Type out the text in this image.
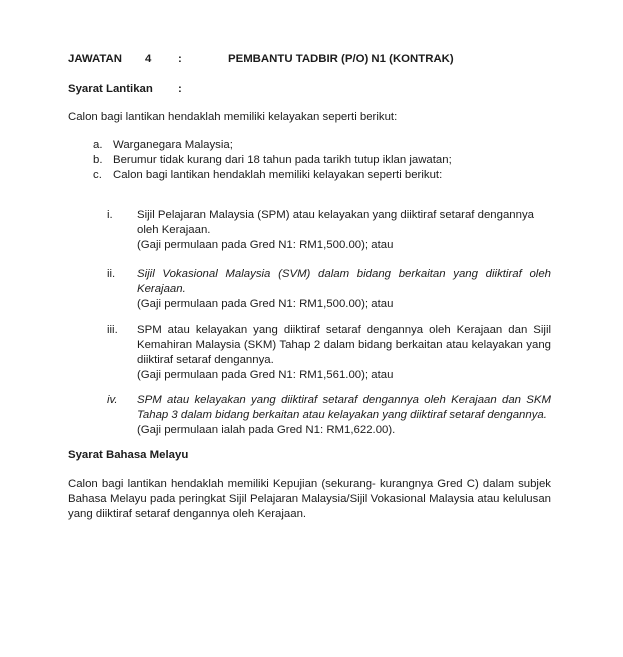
JAWATAN 4 :	PEMBANTU TADBIR (P/O) N1 (KONTRAK)
Syarat Lantikan :

Calon bagi lantikan hendaklah memiliki kelayakan seperti berikut:

a. Warganegara Malaysia;
b. Berumur tidak kurang dari 18 tahun pada tarikh tutup iklan jawatan;
c. Calon bagi lantikan hendaklah memiliki kelayakan seperti berikut:
i.	Sijil Pelajaran Malaysia (SPM) atau kelayakan yang diiktiraf setaraf dengannya oleh Kerajaan.
(Gaji permulaan pada Gred N1: RM1,500.00); atau
ii.	Sijil Vokasional Malaysia (SVM) dalam bidang berkaitan yang diiktiraf oleh Kerajaan.
(Gaji permulaan pada Gred N1: RM1,500.00); atau
iii.	SPM atau kelayakan yang diiktiraf setaraf dengannya oleh Kerajaan dan Sijil Kemahiran Malaysia (SKM) Tahap 2 dalam bidang berkaitan atau kelayakan yang diiktiraf setaraf dengannya.
(Gaji permulaan pada Gred N1: RM1,561.00); atau
iv.	SPM atau kelayakan yang diiktiraf setaraf dengannya oleh Kerajaan dan SKM Tahap 3 dalam bidang berkaitan atau kelayakan yang diiktiraf setaraf dengannya.
(Gaji permulaan ialah pada Gred N1: RM1,622.00).
Syarat Bahasa Melayu

Calon bagi lantikan hendaklah memiliki Kepujian (sekurang- kurangnya Gred C) dalam subjek Bahasa Melayu pada peringkat Sijil Pelajaran Malaysia/Sijil Vokasional Malaysia atau kelulusan yang diiktiraf setaraf dengannya oleh Kerajaan.
